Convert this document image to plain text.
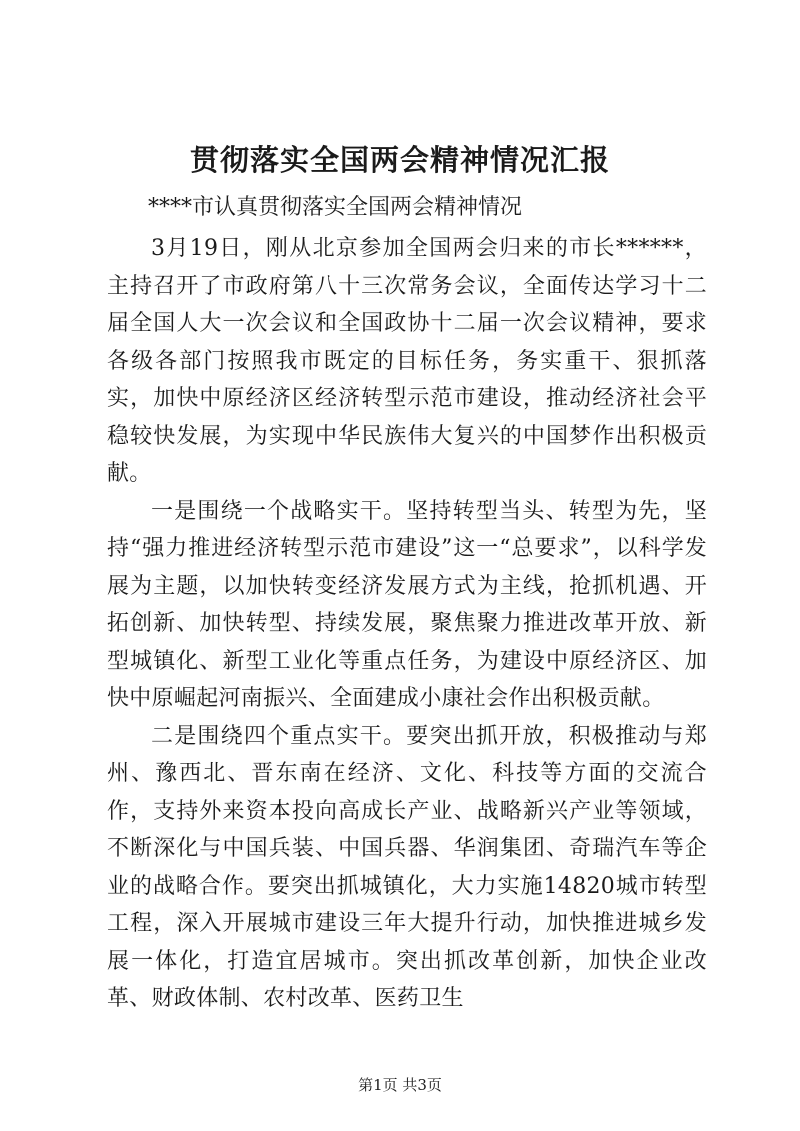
贯彻落实全国两会精神情况汇报
****市认真贯彻落实全国两会精神情况

3月19日，刚从北京参加全国两会归来的市长******，主持召开了市政府第八十三次常务会议，全面传达学习十二届全国人大一次会议和全国政协十二届一次会议精神，要求各级各部门按照我市既定的目标任务，务实重干、狠抓落实，加快中原经济区经济转型示范市建设，推动经济社会平稳较快发展，为实现中华民族伟大复兴的中国梦作出积极贡献。

一是围绕一个战略实干。坚持转型当头、转型为先，坚持“强力推进经济转型示范市建设”这一“总要求”，以科学发展为主题，以加快转变经济发展方式为主线，抢抓机遇、开拓创新、加快转型、持续发展，聚焦聚力推进改革开放、新型城镇化、新型工业化等重点任务，为建设中原经济区、加快中原崛起河南振兴、全面建成小康社会作出积极贡献。

二是围绕四个重点实干。要突出抓开放，积极推动与郑州、豫西北、晋东南在经济、文化、科技等方面的交流合作，支持外来资本投向高成长产业、战略新兴产业等领域，不断深化与中国兵装、中国兵器、华润集团、奇瑞汽车等企业的战略合作。要突出抓城镇化，大力实施14820城市转型工程，深入开展城市建设三年大提升行动，加快推进城乡发展一体化，打造宜居城市。突出抓改革创新，加快企业改革、财政体制、农村改革、医药卫生

第1页 共3页
